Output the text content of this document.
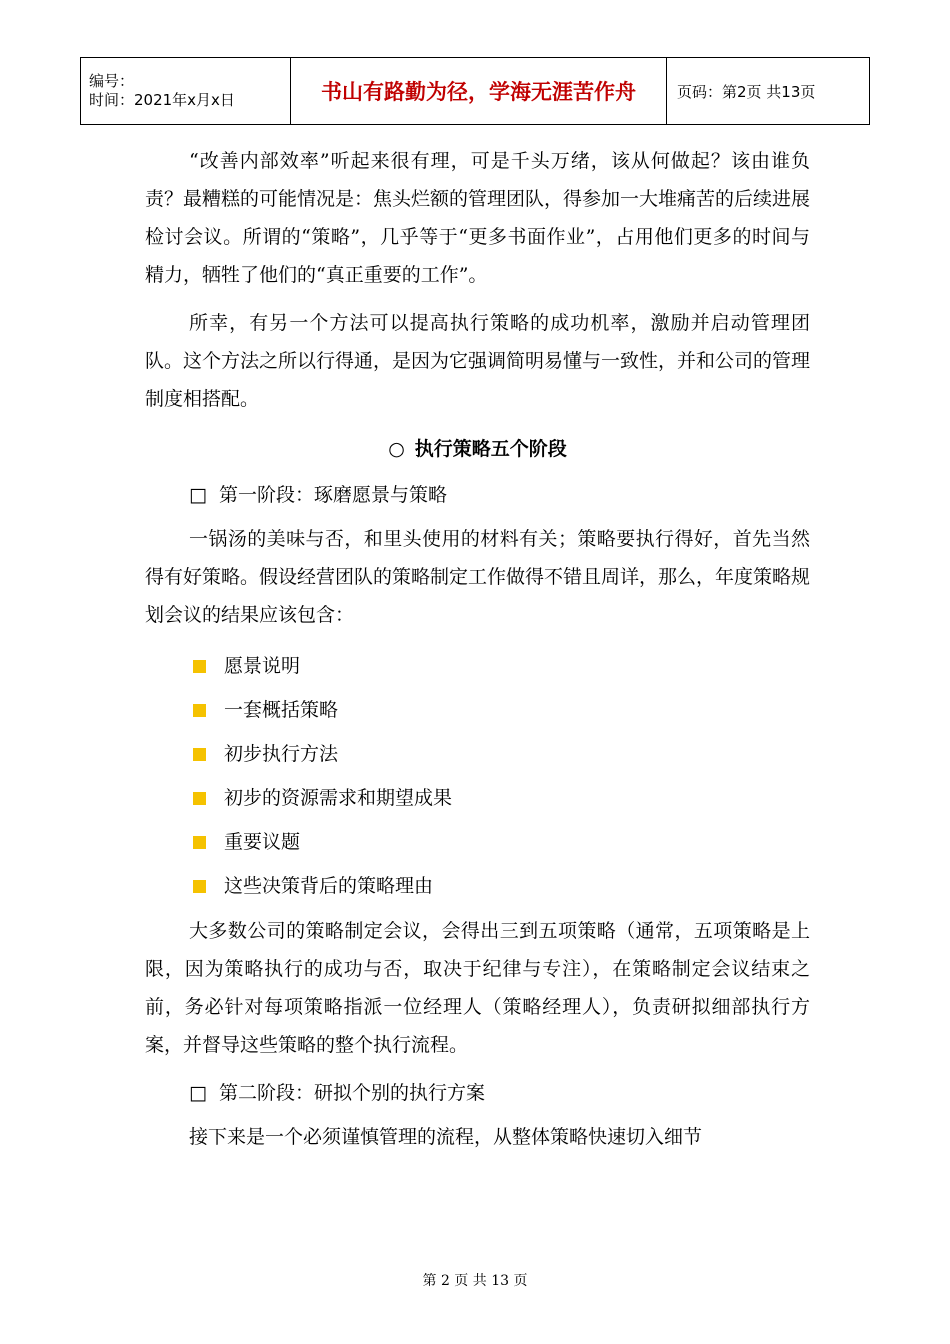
编号：
时间：2021年x月x日	书山有路勤为径，学海无涯苦作舟	页码：第2页 共13页

“改善内部效率”听起来很有理，可是千头万绪，该从何做起？该由谁负责？最糟糕的可能情况是：焦头烂额的管理团队，得参加一大堆痛苦的后续进展检讨会议。所谓的“策略”，几乎等于“更多书面作业”，占用他们更多的时间与精力，牺牲了他们的“真正重要的工作”。

所幸，有另一个方法可以提高执行策略的成功机率，激励并启动管理团队。这个方法之所以行得通，是因为它强调简明易懂与一致性，并和公司的管理制度相搭配。

○ 执行策略五个阶段
□ 第一阶段：琢磨愿景与策略

一锅汤的美味与否，和里头使用的材料有关；策略要执行得好，首先当然得有好策略。假设经营团队的策略制定工作做得不错且周详，那么，年度策略规划会议的结果应该包含：

愿景说明
一套概括策略
初步执行方法
初步的资源需求和期望成果
重要议题
这些决策背后的策略理由

大多数公司的策略制定会议，会得出三到五项策略（通常，五项策略是上限，因为策略执行的成功与否，取决于纪律与专注），在策略制定会议结束之前，务必针对每项策略指派一位经理人（策略经理人），负责研拟细部执行方案，并督导这些策略的整个执行流程。

□ 第二阶段：研拟个别的执行方案

接下来是一个必须谨慎管理的流程，从整体策略快速切入细节

第 2 页 共 13 页
